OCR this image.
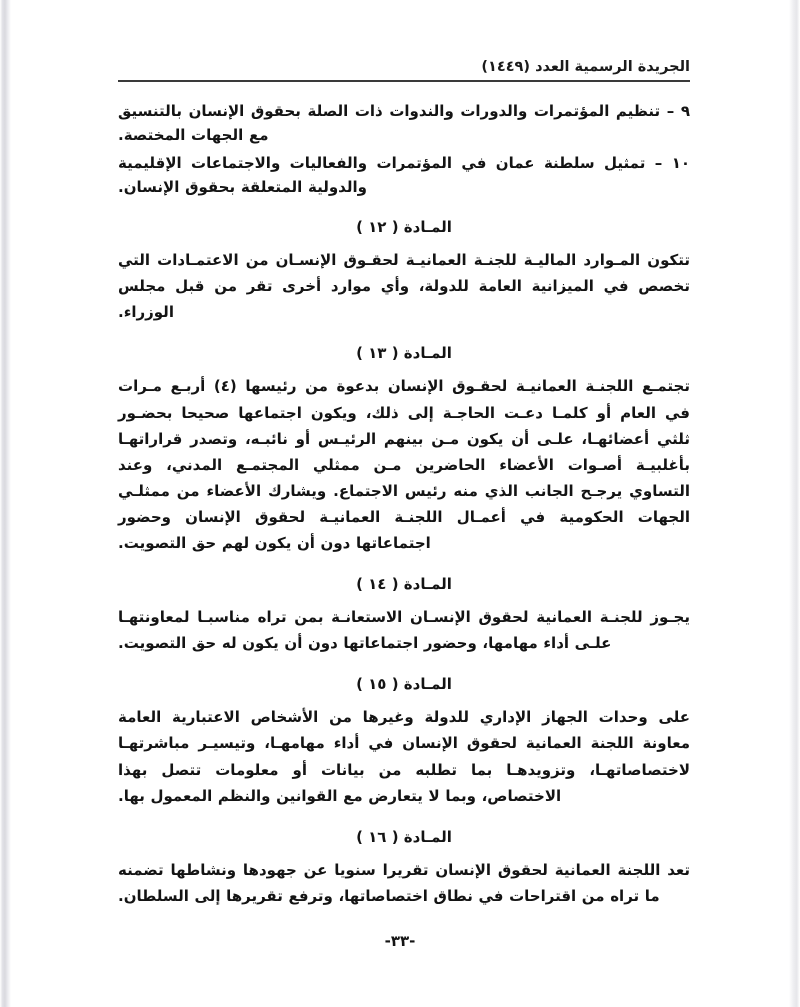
الجريدة الرسمية العدد (١٤٤٩)
٩ – تنظيم المؤتمرات والدورات والندوات ذات الصلة بحقوق الإنسان بالتنسيق مع الجهات المختصة.
١٠ – تمثيل سلطنة عمان في المؤتمرات والفعاليات والاجتماعات الإقليمية والدولية المتعلقة بحقوق الإنسان.
المـادة ( ١٢ )
تتكون المـوارد الماليـة للجنـة العمانيـة لحقـوق الإنسـان من الاعتمـادات التي تخصص في الميزانية العامة للدولة، وأي موارد أخرى تقر من قبل مجلس الوزراء.
المـادة ( ١٣ )
تجتمـع اللجنـة العمانيـة لحقـوق الإنسان بدعوة من رئيسها (٤) أربـع مـرات في العام أو كلمـا دعـت الحاجـة إلى ذلك، ويكون اجتماعها صحيحا بحضـور ثلثي أعضائهـا، علـى أن يكون مـن بينهم الرئيـس أو نائبـه، وتصدر قراراتهـا بأغلبيـة أصـوات الأعضاء الحاضرين مـن ممثلي المجتمـع المدني، وعند التساوي يرجـح الجانب الذي منه رئيس الاجتماع. ويشارك الأعضاء من ممثلـي الجهات الحكومية في أعمـال اللجنـة العمانيـة لحقوق الإنسان وحضور اجتماعاتها دون أن يكون لهم حق التصويت.
المـادة ( ١٤ )
يجـوز للجنـة العمانية لحقوق الإنسـان الاستعانـة بمن تراه مناسبـا لمعاونتهـا علـى أداء مهامها، وحضور اجتماعاتها دون أن يكون له حق التصويت.
المـادة ( ١٥ )
على وحدات الجهاز الإداري للدولة وغيرها من الأشخاص الاعتبارية العامة معاونة اللجنة العمانية لحقوق الإنسان في أداء مهامهـا، وتيسيـر مباشرتهـا لاختصاصاتهـا، وتزويدهـا بما تطلبه من بيانات أو معلومات تتصل بهذا الاختصاص، وبما لا يتعارض مع القوانين والنظم المعمول بها.
المـادة ( ١٦ )
تعد اللجنة العمانية لحقوق الإنسان تقريرا سنويا عن جهودها ونشاطها تضمنه ما تراه من اقتراحات في نطاق اختصاصاتها، وترفع تقريرها إلى السلطان.
-٣٣-
